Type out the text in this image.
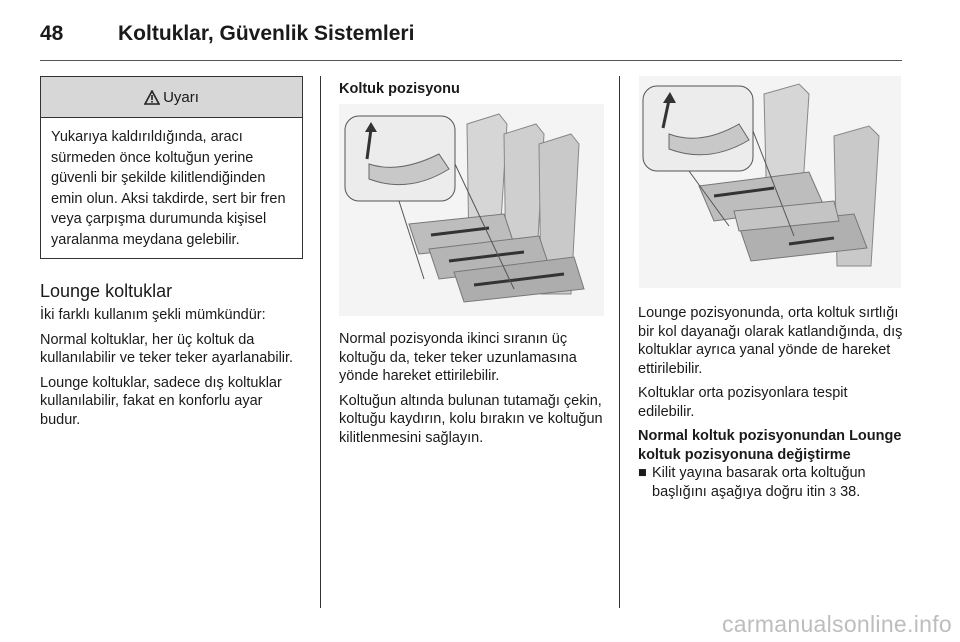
48	Koltuklar, Güvenlik Sistemleri
Uyarı
Yukarıya kaldırıldığında, aracı sürmeden önce koltuğun yerine güvenli bir şekilde kilitlendiğinden emin olun. Aksi takdirde, sert bir fren veya çarpışma durumunda kişisel yaralanma meydana gelebilir.
Lounge koltuklar

İki farklı kullanım şekli mümkündür:

Normal koltuklar, her üç koltuk da kullanılabilir ve teker teker ayarlanabilir.

Lounge koltuklar, sadece dış koltuklar kullanılabilir, fakat en konforlu ayar budur.

Koltuk pozisyonu

Normal pozisyonda ikinci sıranın üç koltuğu da, teker teker uzunlamasına yönde hareket ettirilebilir.

Koltuğun altında bulunan tutamağı çekin, koltuğu kaydırın, kolu bırakın ve koltuğun kilitlenmesini sağlayın.

Lounge pozisyonunda, orta koltuk sırtlığı bir kol dayanağı olarak katlandığında, dış koltuklar ayrıca yanal yönde de hareket ettirilebilir.

Koltuklar orta pozisyonlara tespit edilebilir.

Normal koltuk pozisyonundan Lounge koltuk pozisyonuna değiştirme
■ Kilit yayına basarak orta koltuğun başlığını aşağıya doğru itin 3 38.
carmanualsonline.info
